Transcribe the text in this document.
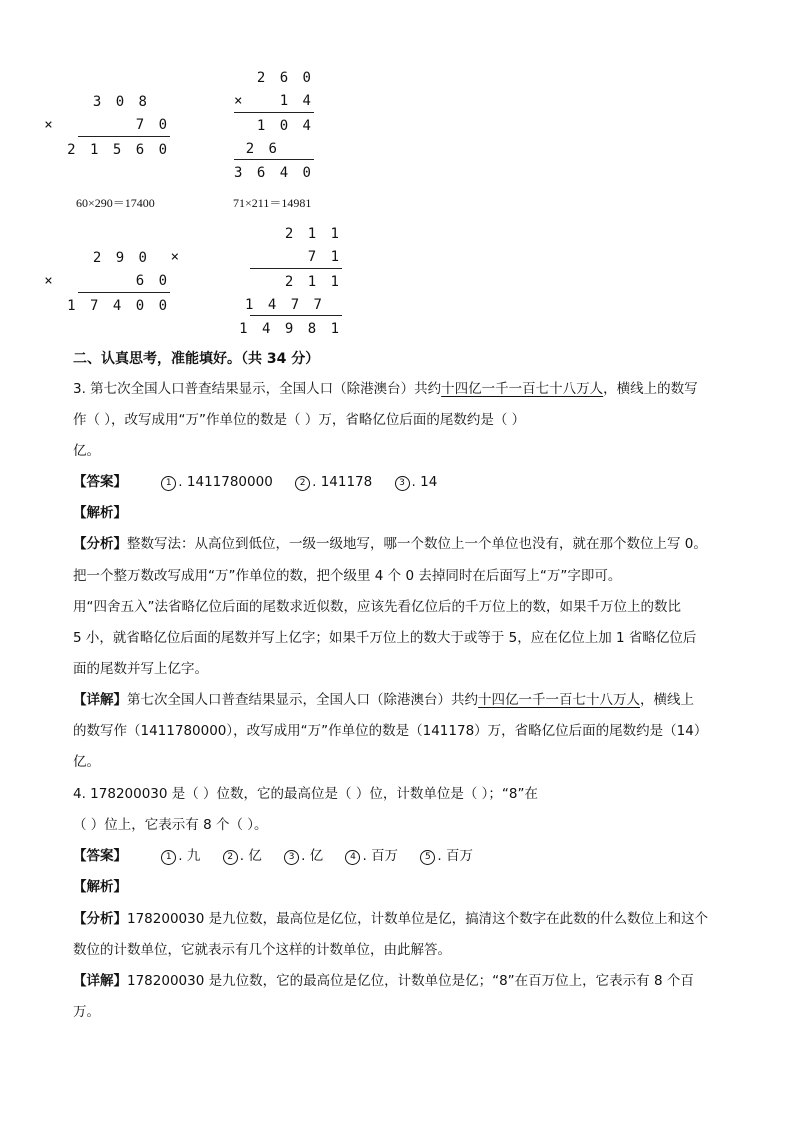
3 0 8
×       7 0
2 1 5 6 0
2 6 0
×   1 4
1 0 4
2 6
3 6 4 0
60×290＝17400	71×211＝14981
2 9 0
×       6 0
1 7 4 0 0
2 1 1
×           7 1
2 1 1
1 4 7 7
1 4 9 8 1
二、认真思考，准能填好。（共 34 分）
3. 第七次全国人口普查结果显示，全国人口（除港澳台）共约十四亿一千一百七十八万人，横线上的数写
作（ ），改写成用“万”作单位的数是（ ）万，省略亿位后面的尾数约是（ ）
亿。
【答案】	1 . 1411780000	2 . 141178	3 . 14
【解析】
【分析】整数写法：从高位到低位，一级一级地写，哪一个数位上一个单位也没有，就在那个数位上写 0。
把一个整万数改写成用“万”作单位的数，把个级里 4 个 0 去掉同时在后面写上“万”字即可。
用“四舍五入”法省略亿位后面的尾数求近似数，应该先看亿位后的千万位上的数，如果千万位上的数比
5 小，就省略亿位后面的尾数并写上亿字；如果千万位上的数大于或等于 5，应在亿位上加 1 省略亿位后
面的尾数并写上亿字。
【详解】第七次全国人口普查结果显示，全国人口（除港澳台）共约十四亿一千一百七十八万人，横线上
的数写作（1411780000），改写成用“万”作单位的数是（141178）万，省略亿位后面的尾数约是（14）
亿。
4. 178200030 是（ ）位数，它的最高位是（ ）位，计数单位是（ ）；“8”在
（ ）位上，它表示有 8 个（ ）。
【答案】	1 . 九	2 . 亿	3 . 亿	4 . 百万	5 . 百万
【解析】
【分析】178200030 是九位数，最高位是亿位，计数单位是亿，搞清这个数字在此数的什么数位上和这个
数位的计数单位，它就表示有几个这样的计数单位，由此解答。
【详解】178200030 是九位数，它的最高位是亿位，计数单位是亿；“8”在百万位上，它表示有 8 个百
万。
